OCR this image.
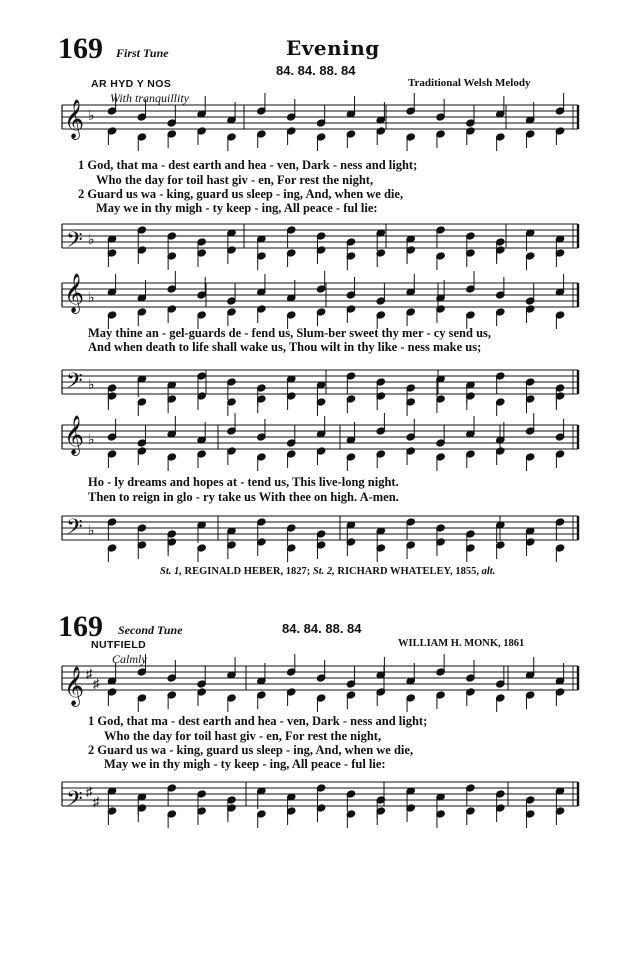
169 First Tune	Evening
84. 84. 88. 84
AR HYD Y NOS	Traditional Welsh Melody
With tranquillity
𝄞
𝄢
𝄞
𝄢
𝄞
𝄢
𝄞
𝄢
♭
♭
♭
♭
♭
♭
♯
♯
♯
♯
1 God, that ma - dest earth and hea - ven, Dark - ness and light;
Who the day for toil hast giv - en, For rest the night,
2 Guard us wa - king, guard us sleep - ing, And, when we die,
May we in thy migh - ty keep - ing, All peace - ful lie:
May thine an - gel-guards de - fend us, Slum-ber sweet thy mer - cy send us,
And when death to life shall wake us, Thou wilt in thy like - ness make us;
Ho - ly dreams and hopes at - tend us, This live-long night.
Then to reign in glo - ry take us With thee on high. A-men.
St. 1, REGINALD HEBER, 1827; St. 2, RICHARD WHATELEY, 1855, alt.
169 Second Tune	84. 84. 88. 84
NUTFIELD	WILLIAM H. MONK, 1861
Calmly
1 God, that ma - dest earth and hea - ven, Dark - ness and light;
Who the day for toil hast giv - en, For rest the night,
2 Guard us wa - king, guard us sleep - ing, And, when we die,
May we in thy migh - ty keep - ing, All peace - ful lie:
